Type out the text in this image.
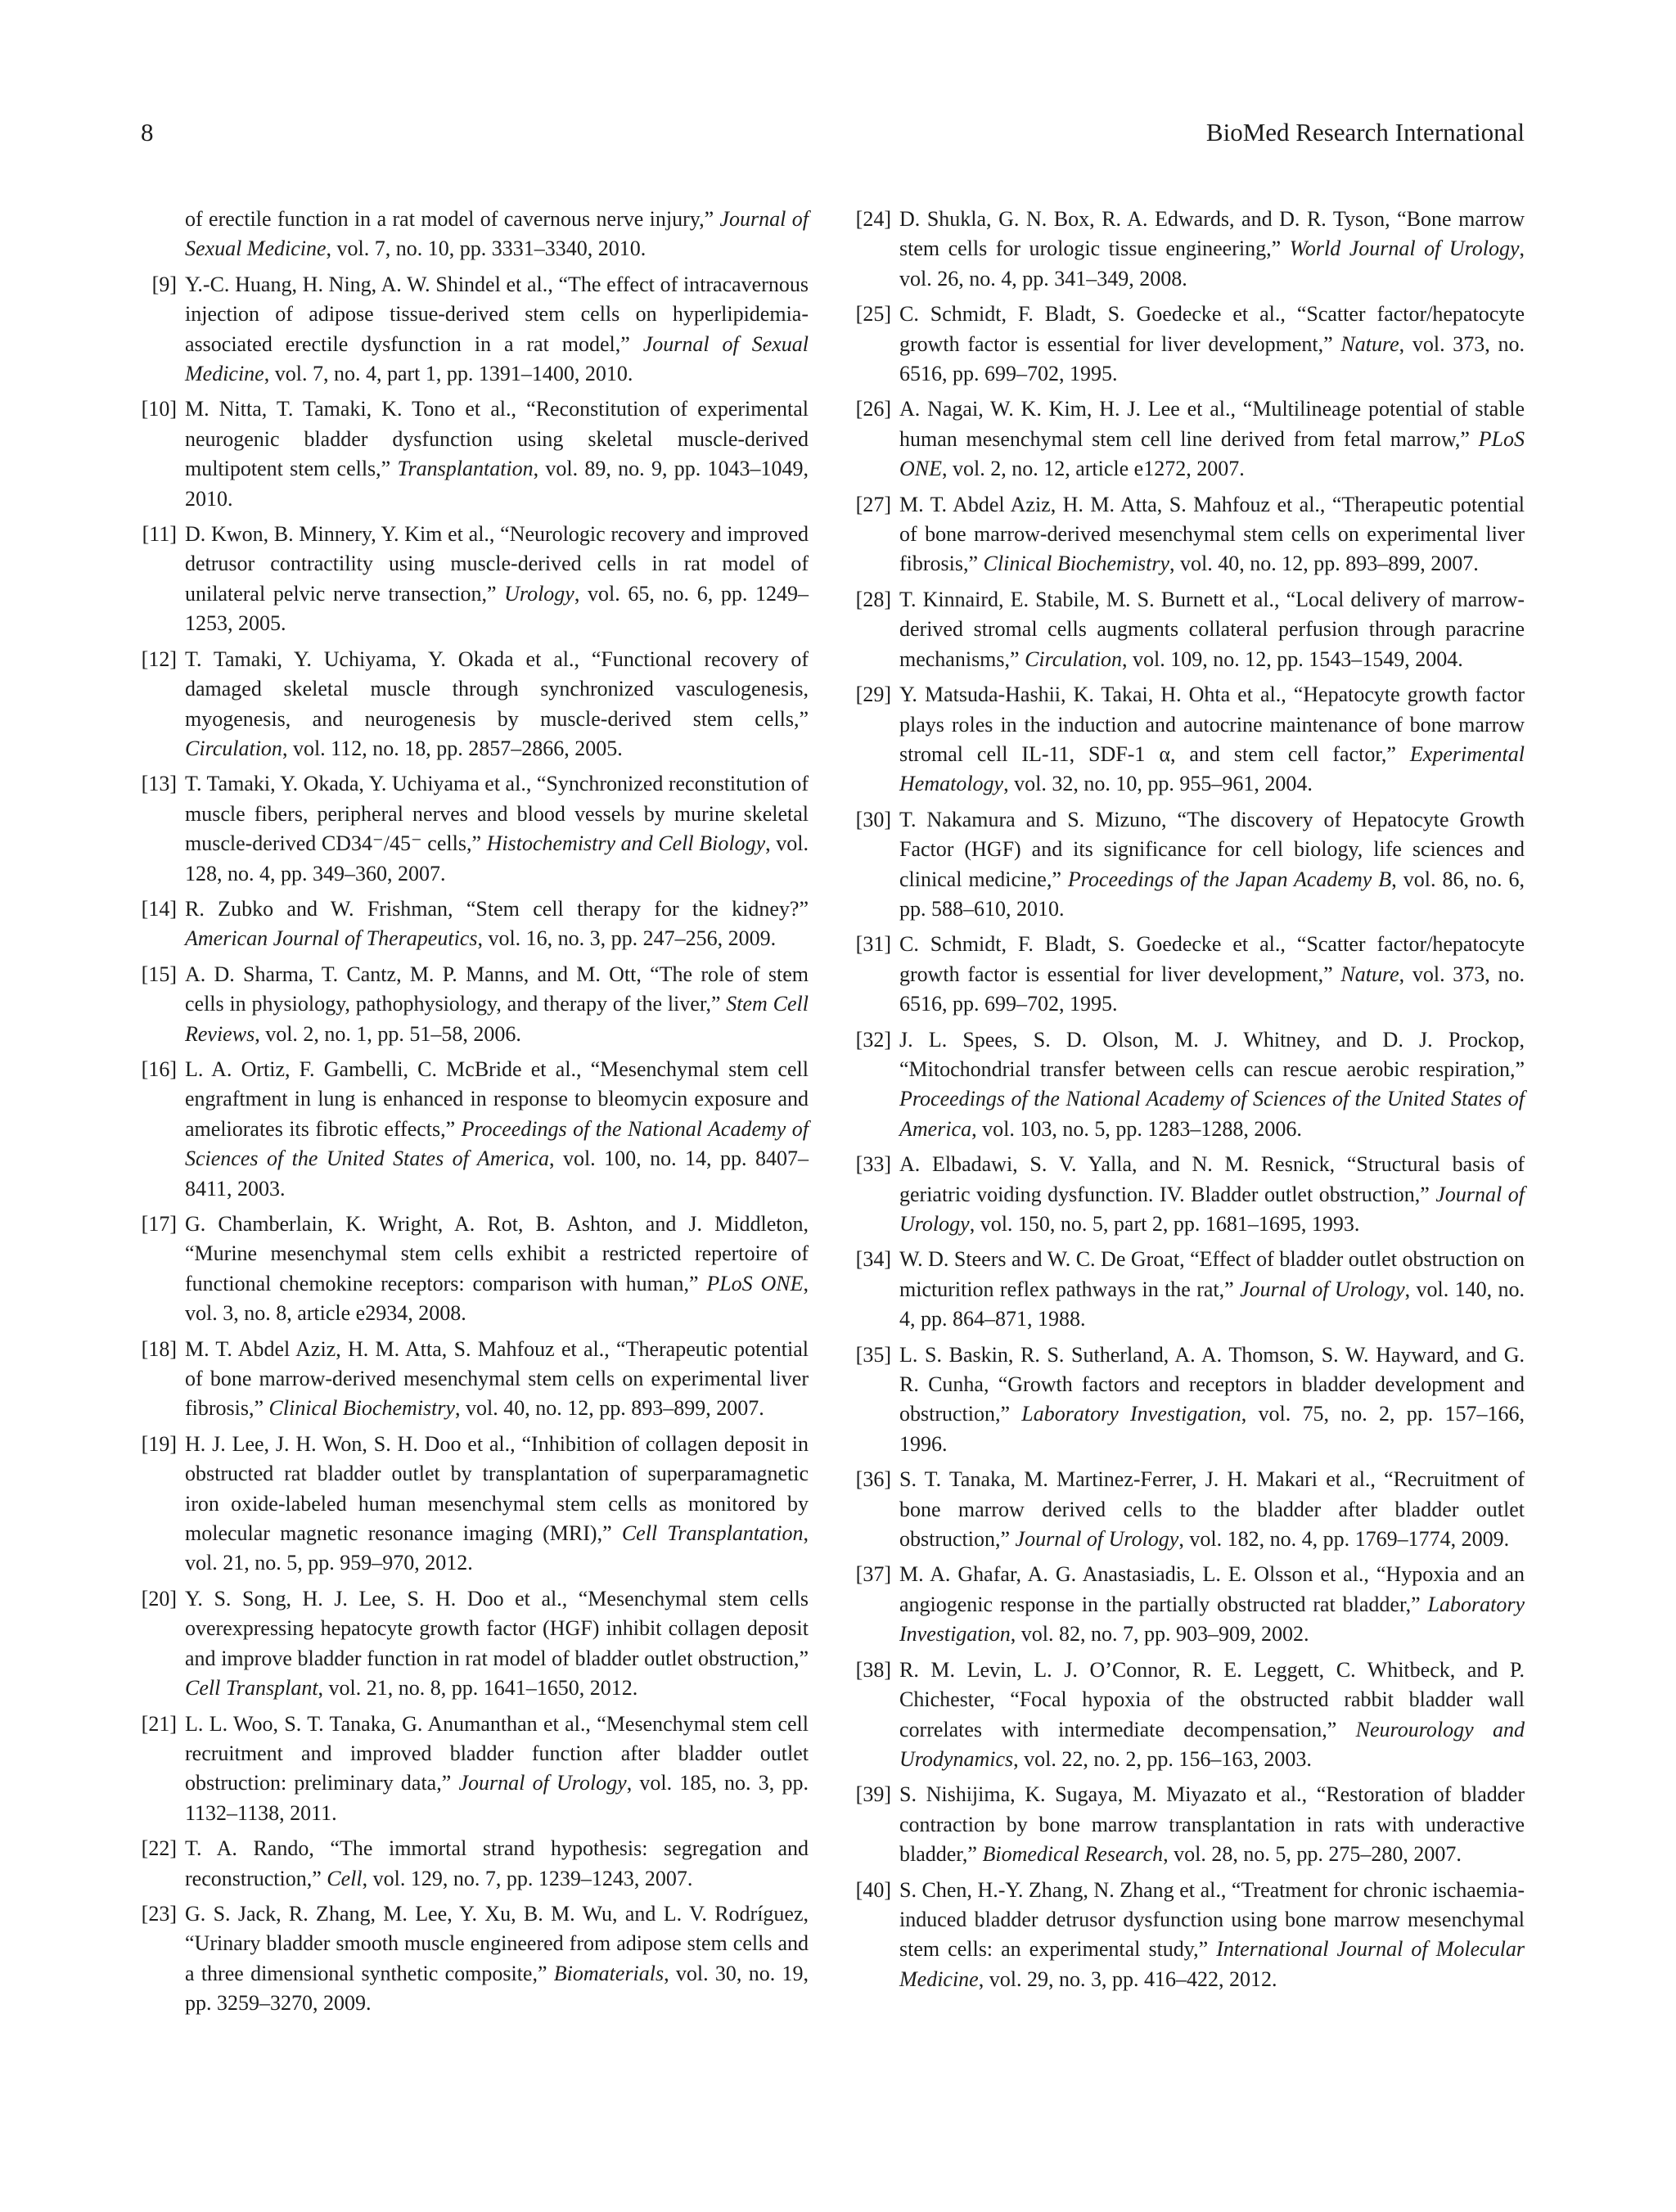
8	BioMed Research International
of erectile function in a rat model of cavernous nerve injury,” Journal of Sexual Medicine, vol. 7, no. 10, pp. 3331–3340, 2010.
[9] Y.-C. Huang, H. Ning, A. W. Shindel et al., “The effect of intracavernous injection of adipose tissue-derived stem cells on hyperlipidemia-associated erectile dysfunction in a rat model,” Journal of Sexual Medicine, vol. 7, no. 4, part 1, pp. 1391–1400, 2010.
[10] M. Nitta, T. Tamaki, K. Tono et al., “Reconstitution of experimental neurogenic bladder dysfunction using skeletal muscle-derived multipotent stem cells,” Transplantation, vol. 89, no. 9, pp. 1043–1049, 2010.
[11] D. Kwon, B. Minnery, Y. Kim et al., “Neurologic recovery and improved detrusor contractility using muscle-derived cells in rat model of unilateral pelvic nerve transection,” Urology, vol. 65, no. 6, pp. 1249–1253, 2005.
[12] T. Tamaki, Y. Uchiyama, Y. Okada et al., “Functional recovery of damaged skeletal muscle through synchronized vasculogenesis, myogenesis, and neurogenesis by muscle-derived stem cells,” Circulation, vol. 112, no. 18, pp. 2857–2866, 2005.
[13] T. Tamaki, Y. Okada, Y. Uchiyama et al., “Synchronized reconstitution of muscle fibers, peripheral nerves and blood vessels by murine skeletal muscle-derived CD34⁻/45⁻ cells,” Histochemistry and Cell Biology, vol. 128, no. 4, pp. 349–360, 2007.
[14] R. Zubko and W. Frishman, “Stem cell therapy for the kidney?” American Journal of Therapeutics, vol. 16, no. 3, pp. 247–256, 2009.
[15] A. D. Sharma, T. Cantz, M. P. Manns, and M. Ott, “The role of stem cells in physiology, pathophysiology, and therapy of the liver,” Stem Cell Reviews, vol. 2, no. 1, pp. 51–58, 2006.
[16] L. A. Ortiz, F. Gambelli, C. McBride et al., “Mesenchymal stem cell engraftment in lung is enhanced in response to bleomycin exposure and ameliorates its fibrotic effects,” Proceedings of the National Academy of Sciences of the United States of America, vol. 100, no. 14, pp. 8407–8411, 2003.
[17] G. Chamberlain, K. Wright, A. Rot, B. Ashton, and J. Middleton, “Murine mesenchymal stem cells exhibit a restricted repertoire of functional chemokine receptors: comparison with human,” PLoS ONE, vol. 3, no. 8, article e2934, 2008.
[18] M. T. Abdel Aziz, H. M. Atta, S. Mahfouz et al., “Therapeutic potential of bone marrow-derived mesenchymal stem cells on experimental liver fibrosis,” Clinical Biochemistry, vol. 40, no. 12, pp. 893–899, 2007.
[19] H. J. Lee, J. H. Won, S. H. Doo et al., “Inhibition of collagen deposit in obstructed rat bladder outlet by transplantation of superparamagnetic iron oxide-labeled human mesenchymal stem cells as monitored by molecular magnetic resonance imaging (MRI),” Cell Transplantation, vol. 21, no. 5, pp. 959–970, 2012.
[20] Y. S. Song, H. J. Lee, S. H. Doo et al., “Mesenchymal stem cells overexpressing hepatocyte growth factor (HGF) inhibit collagen deposit and improve bladder function in rat model of bladder outlet obstruction,” Cell Transplant, vol. 21, no. 8, pp. 1641–1650, 2012.
[21] L. L. Woo, S. T. Tanaka, G. Anumanthan et al., “Mesenchymal stem cell recruitment and improved bladder function after bladder outlet obstruction: preliminary data,” Journal of Urology, vol. 185, no. 3, pp. 1132–1138, 2011.
[22] T. A. Rando, “The immortal strand hypothesis: segregation and reconstruction,” Cell, vol. 129, no. 7, pp. 1239–1243, 2007.
[23] G. S. Jack, R. Zhang, M. Lee, Y. Xu, B. M. Wu, and L. V. Rodríguez, “Urinary bladder smooth muscle engineered from adipose stem cells and a three dimensional synthetic composite,” Biomaterials, vol. 30, no. 19, pp. 3259–3270, 2009.
[24] D. Shukla, G. N. Box, R. A. Edwards, and D. R. Tyson, “Bone marrow stem cells for urologic tissue engineering,” World Journal of Urology, vol. 26, no. 4, pp. 341–349, 2008.
[25] C. Schmidt, F. Bladt, S. Goedecke et al., “Scatter factor/hepatocyte growth factor is essential for liver development,” Nature, vol. 373, no. 6516, pp. 699–702, 1995.
[26] A. Nagai, W. K. Kim, H. J. Lee et al., “Multilineage potential of stable human mesenchymal stem cell line derived from fetal marrow,” PLoS ONE, vol. 2, no. 12, article e1272, 2007.
[27] M. T. Abdel Aziz, H. M. Atta, S. Mahfouz et al., “Therapeutic potential of bone marrow-derived mesenchymal stem cells on experimental liver fibrosis,” Clinical Biochemistry, vol. 40, no. 12, pp. 893–899, 2007.
[28] T. Kinnaird, E. Stabile, M. S. Burnett et al., “Local delivery of marrow-derived stromal cells augments collateral perfusion through paracrine mechanisms,” Circulation, vol. 109, no. 12, pp. 1543–1549, 2004.
[29] Y. Matsuda-Hashii, K. Takai, H. Ohta et al., “Hepatocyte growth factor plays roles in the induction and autocrine maintenance of bone marrow stromal cell IL-11, SDF-1 α, and stem cell factor,” Experimental Hematology, vol. 32, no. 10, pp. 955–961, 2004.
[30] T. Nakamura and S. Mizuno, “The discovery of Hepatocyte Growth Factor (HGF) and its significance for cell biology, life sciences and clinical medicine,” Proceedings of the Japan Academy B, vol. 86, no. 6, pp. 588–610, 2010.
[31] C. Schmidt, F. Bladt, S. Goedecke et al., “Scatter factor/hepatocyte growth factor is essential for liver development,” Nature, vol. 373, no. 6516, pp. 699–702, 1995.
[32] J. L. Spees, S. D. Olson, M. J. Whitney, and D. J. Prockop, “Mitochondrial transfer between cells can rescue aerobic respiration,” Proceedings of the National Academy of Sciences of the United States of America, vol. 103, no. 5, pp. 1283–1288, 2006.
[33] A. Elbadawi, S. V. Yalla, and N. M. Resnick, “Structural basis of geriatric voiding dysfunction. IV. Bladder outlet obstruction,” Journal of Urology, vol. 150, no. 5, part 2, pp. 1681–1695, 1993.
[34] W. D. Steers and W. C. De Groat, “Effect of bladder outlet obstruction on micturition reflex pathways in the rat,” Journal of Urology, vol. 140, no. 4, pp. 864–871, 1988.
[35] L. S. Baskin, R. S. Sutherland, A. A. Thomson, S. W. Hayward, and G. R. Cunha, “Growth factors and receptors in bladder development and obstruction,” Laboratory Investigation, vol. 75, no. 2, pp. 157–166, 1996.
[36] S. T. Tanaka, M. Martinez-Ferrer, J. H. Makari et al., “Recruitment of bone marrow derived cells to the bladder after bladder outlet obstruction,” Journal of Urology, vol. 182, no. 4, pp. 1769–1774, 2009.
[37] M. A. Ghafar, A. G. Anastasiadis, L. E. Olsson et al., “Hypoxia and an angiogenic response in the partially obstructed rat bladder,” Laboratory Investigation, vol. 82, no. 7, pp. 903–909, 2002.
[38] R. M. Levin, L. J. O’Connor, R. E. Leggett, C. Whitbeck, and P. Chichester, “Focal hypoxia of the obstructed rabbit bladder wall correlates with intermediate decompensation,” Neurourology and Urodynamics, vol. 22, no. 2, pp. 156–163, 2003.
[39] S. Nishijima, K. Sugaya, M. Miyazato et al., “Restoration of bladder contraction by bone marrow transplantation in rats with underactive bladder,” Biomedical Research, vol. 28, no. 5, pp. 275–280, 2007.
[40] S. Chen, H.-Y. Zhang, N. Zhang et al., “Treatment for chronic ischaemia-induced bladder detrusor dysfunction using bone marrow mesenchymal stem cells: an experimental study,” International Journal of Molecular Medicine, vol. 29, no. 3, pp. 416–422, 2012.
